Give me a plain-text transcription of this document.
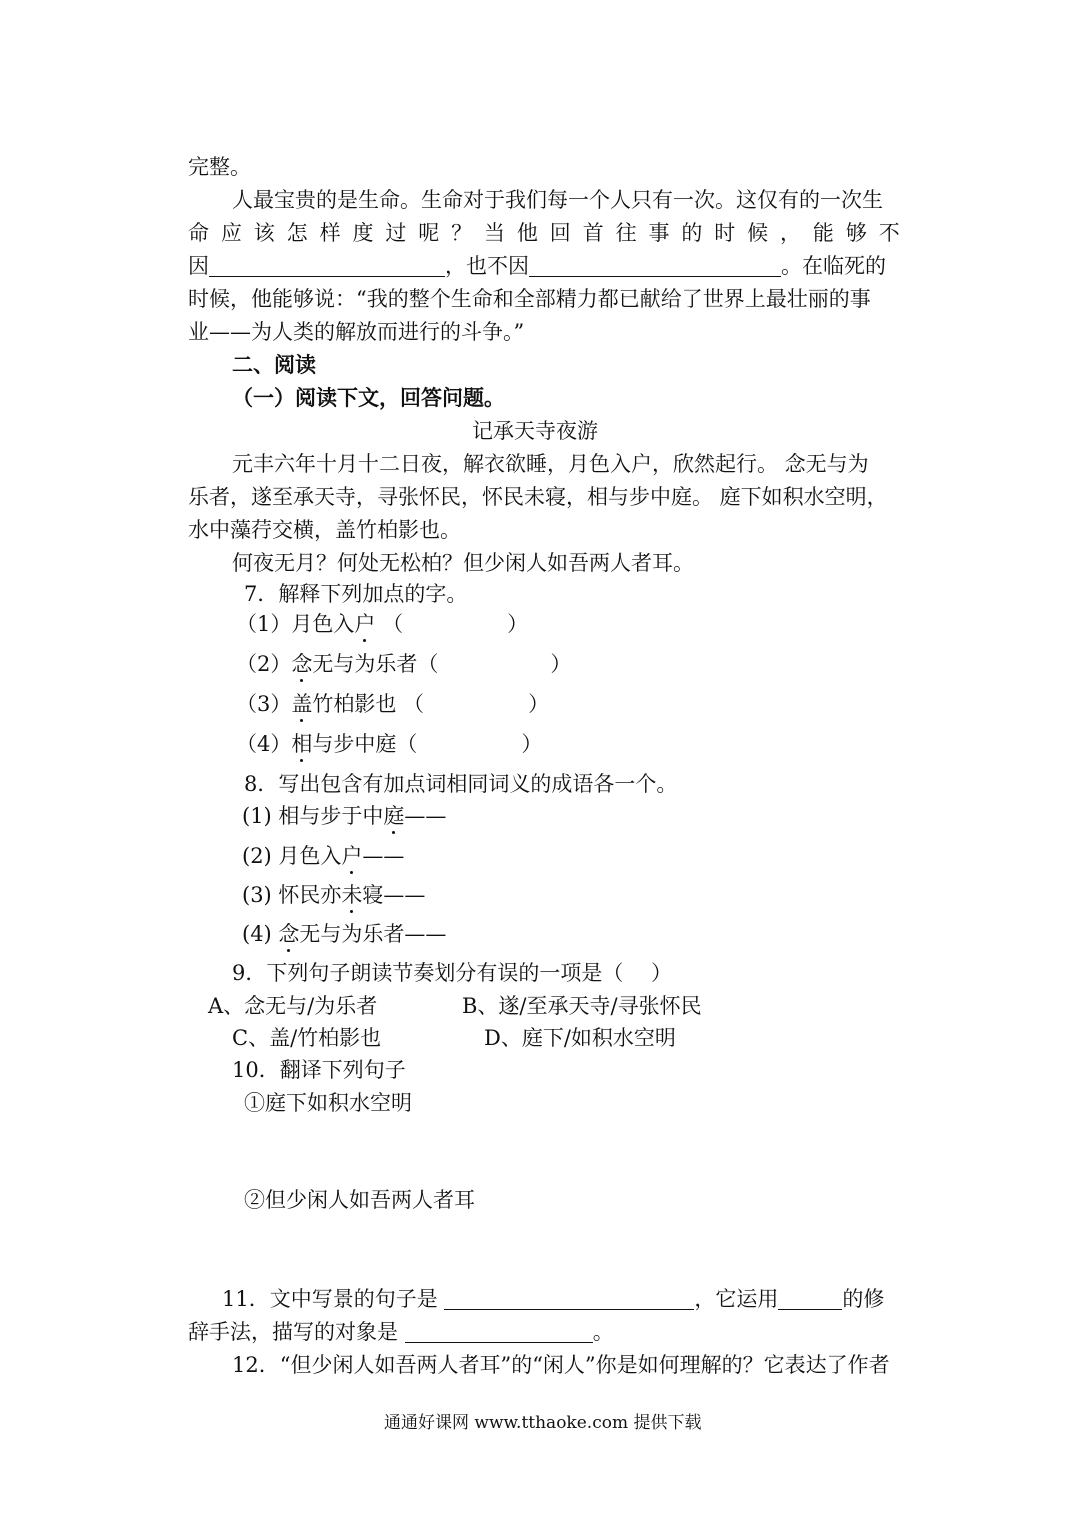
完整。
人最宝贵的是生命。生命对于我们每一个人只有一次。这仅有的一次生
命 应 该 怎 样 度 过 呢 ？ 当 他 回 首 往 事 的 时 候 ， 能 够 不
因	，也不因	。在临死的
时候，他能够说：“我的整个生命和全部精力都已献给了世界上最壮丽的事
业——为人类的解放而进行的斗争。”
二、阅读
（一）阅读下文，回答问题。
记承天寺夜游
元丰六年十月十二日夜，解衣欲睡，月色入户，欣然起行。 念无与为
乐者，遂至承天寺，寻张怀民，怀民未寝，相与步中庭。 庭下如积水空明，
水中藻荇交横，盖竹柏影也。
何夜无月？何处无松柏？但少闲人如吾两人者耳。
7．解释下列加点的字。
（1）月色入户 （	）
（2）念无与为乐者（	）
（3）盖竹柏影也 （	）
（4）相与步中庭（	）
8．写出包含有加点词相同词义的成语各一个。
(1) 相与步于中庭——
(2) 月色入户——
(3) 怀民亦未寝——
(4) 念无与为乐者——
9．下列句子朗读节奏划分有误的一项是（　 ）
A、念无与/为乐者	B、遂/至承天寺/寻张怀民
C、盖/竹柏影也	D、庭下/如积水空明
10．翻译下列句子
①庭下如积水空明
②但少闲人如吾两人者耳
11．文中写景的句子是	，它运用	的修
辞手法，描写的对象是	。
12．“但少闲人如吾两人者耳”的“闲人”你是如何理解的？它表达了作者
通通好课网 www.tthaoke.com 提供下载
